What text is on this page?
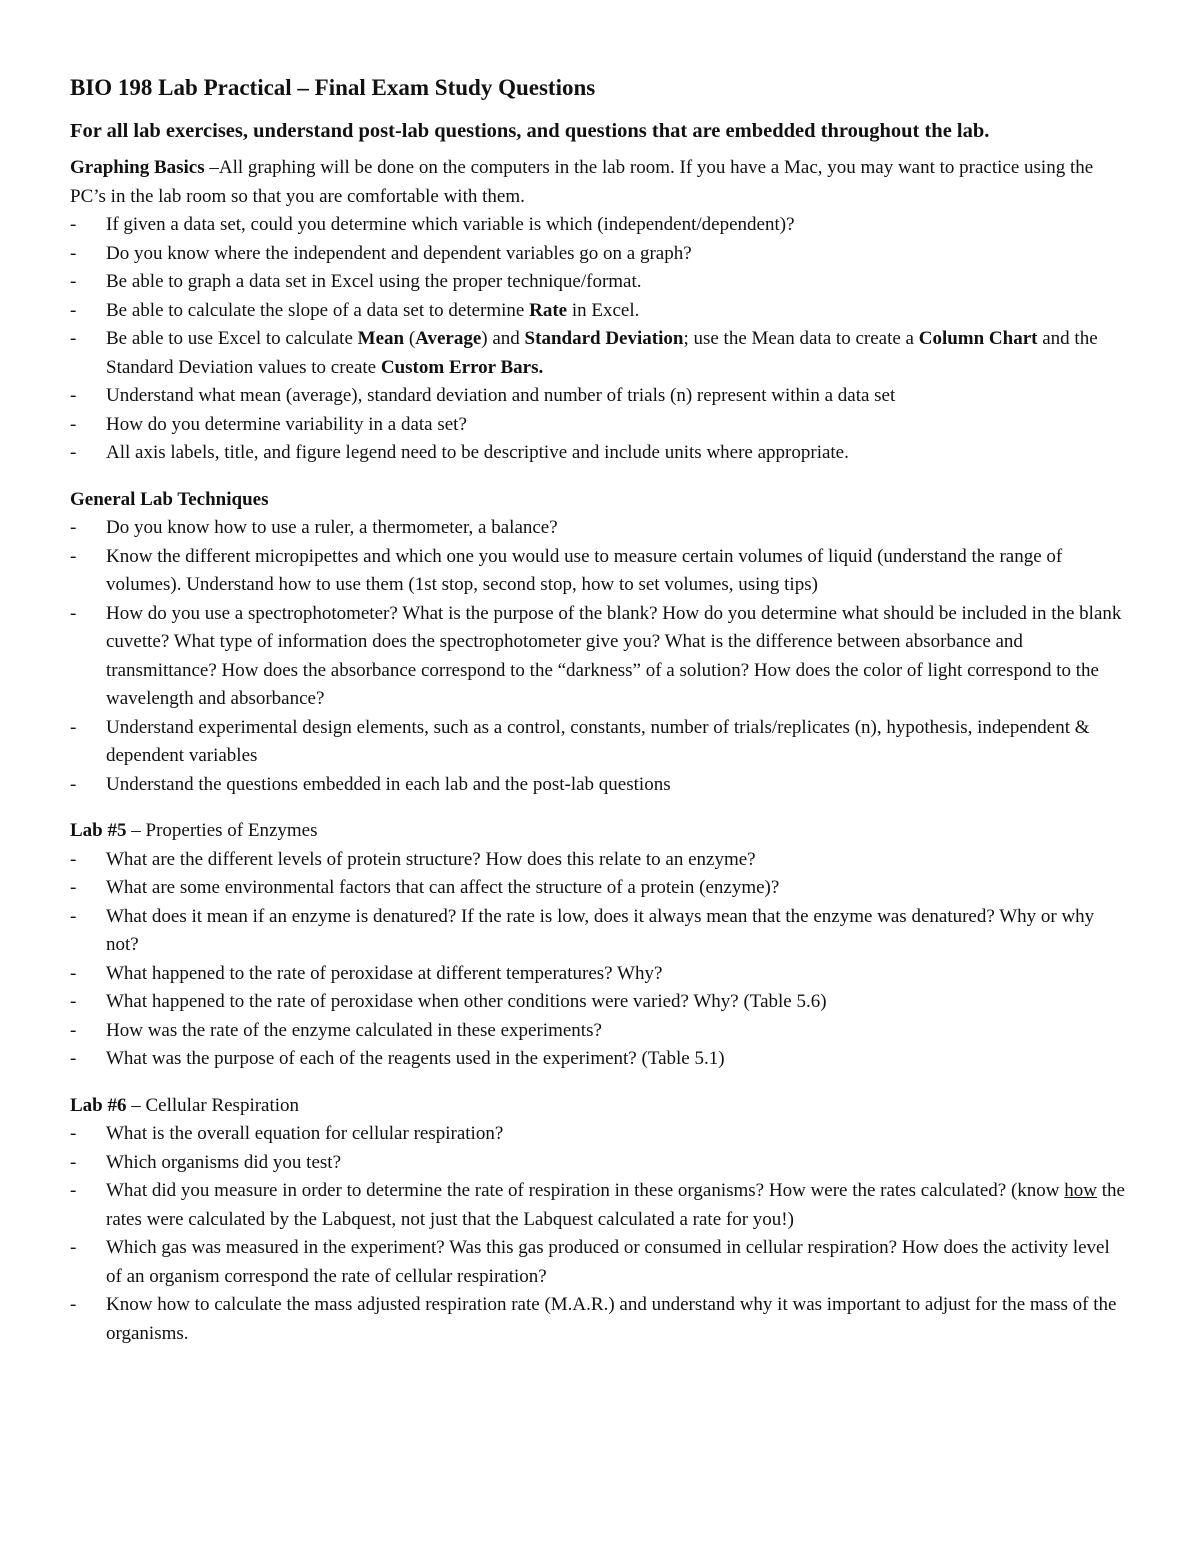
BIO 198 Lab Practical – Final Exam Study Questions
For all lab exercises, understand post-lab questions, and questions that are embedded throughout the lab.

Graphing Basics –All graphing will be done on the computers in the lab room. If you have a Mac, you may want to practice using the PC’s in the lab room so that you are comfortable with them.

- If given a data set, could you determine which variable is which (independent/dependent)?
- Do you know where the independent and dependent variables go on a graph?
- Be able to graph a data set in Excel using the proper technique/format.
- Be able to calculate the slope of a data set to determine Rate in Excel.
- Be able to use Excel to calculate Mean (Average) and Standard Deviation; use the Mean data to create a Column Chart and the Standard Deviation values to create Custom Error Bars.
- Understand what mean (average), standard deviation and number of trials (n) represent within a data set
- How do you determine variability in a data set?
- All axis labels, title, and figure legend need to be descriptive and include units where appropriate.

General Lab Techniques

- Do you know how to use a ruler, a thermometer, a balance?
- Know the different micropipettes and which one you would use to measure certain volumes of liquid (understand the range of volumes). Understand how to use them (1st stop, second stop, how to set volumes, using tips)
- How do you use a spectrophotometer? What is the purpose of the blank? How do you determine what should be included in the blank cuvette? What type of information does the spectrophotometer give you? What is the difference between absorbance and transmittance? How does the absorbance correspond to the “darkness” of a solution? How does the color of light correspond to the wavelength and absorbance?
- Understand experimental design elements, such as a control, constants, number of trials/replicates (n), hypothesis, independent & dependent variables
- Understand the questions embedded in each lab and the post-lab questions

Lab #5 – Properties of Enzymes

- What are the different levels of protein structure? How does this relate to an enzyme?
- What are some environmental factors that can affect the structure of a protein (enzyme)?
- What does it mean if an enzyme is denatured? If the rate is low, does it always mean that the enzyme was denatured? Why or why not?
- What happened to the rate of peroxidase at different temperatures? Why?
- What happened to the rate of peroxidase when other conditions were varied? Why? (Table 5.6)
- How was the rate of the enzyme calculated in these experiments?
- What was the purpose of each of the reagents used in the experiment? (Table 5.1)

Lab #6 – Cellular Respiration

- What is the overall equation for cellular respiration?
- Which organisms did you test?
- What did you measure in order to determine the rate of respiration in these organisms? How were the rates calculated? (know how the rates were calculated by the Labquest, not just that the Labquest calculated a rate for you!)
- Which gas was measured in the experiment? Was this gas produced or consumed in cellular respiration? How does the activity level of an organism correspond the rate of cellular respiration?
- Know how to calculate the mass adjusted respiration rate (M.A.R.) and understand why it was important to adjust for the mass of the organisms.
